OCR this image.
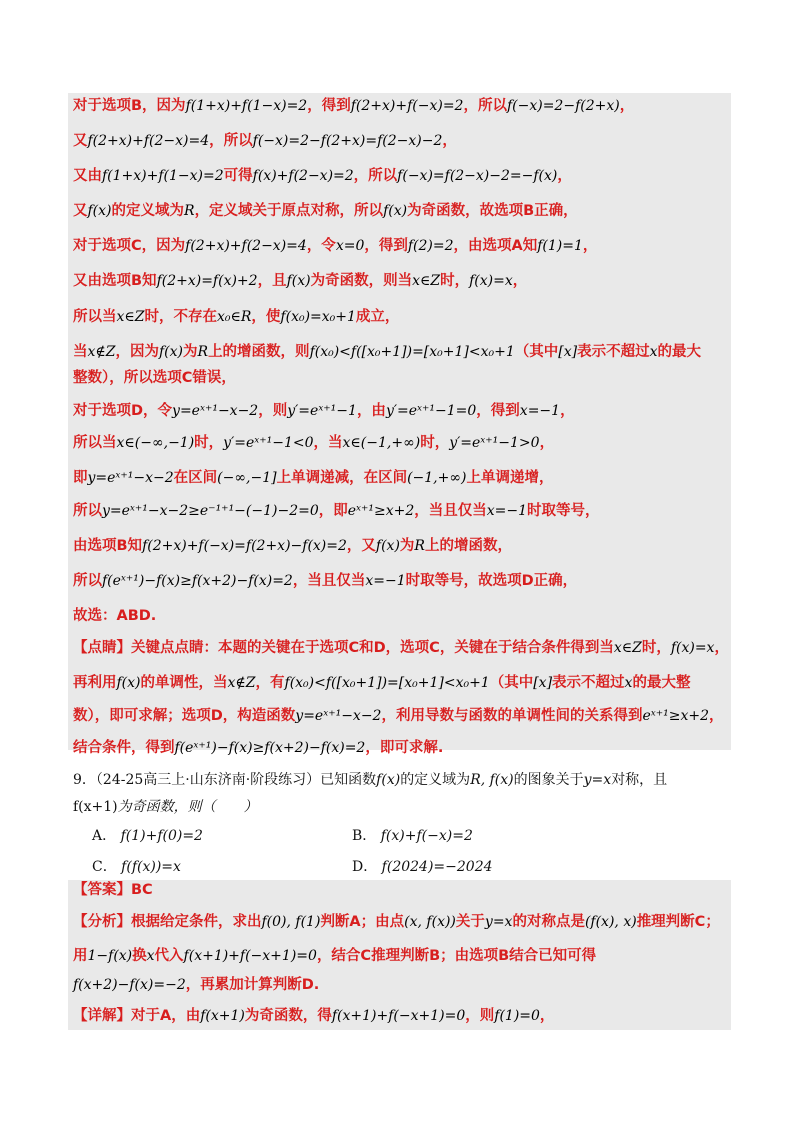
对于选项B，因为f(1+x)+f(1−x)=2，得到f(2+x)+f(−x)=2，所以f(−x)=2−f(2+x)，
又f(2+x)+f(2−x)=4，所以f(−x)=2−f(2+x)=f(2−x)−2，
又由f(1+x)+f(1−x)=2可得f(x)+f(2−x)=2，所以f(−x)=f(2−x)−2=−f(x)，
又f(x)的定义域为R，定义域关于原点对称，所以f(x)为奇函数，故选项B正确，
对于选项C，因为f(2+x)+f(2−x)=4，令x=0，得到f(2)=2，由选项A知f(1)=1，
又由选项B知f(2+x)=f(x)+2，且f(x)为奇函数，则当x∈Z时，f(x)=x，
所以当x∈Z时，不存在x₀∈R，使f(x₀)=x₀+1成立，
当x∉Z，因为f(x)为R上的增函数，则f(x₀)<f([x₀+1])=[x₀+1]<x₀+1（其中[x]表示不超过x的最大
整数），所以选项C错误，
对于选项D，令y=eˣ⁺¹−x−2，则y′=eˣ⁺¹−1，由y′=eˣ⁺¹−1=0，得到x=−1，
所以当x∈(−∞,−1)时，y′=eˣ⁺¹−1<0，当x∈(−1,+∞)时，y′=eˣ⁺¹−1>0，
即y=eˣ⁺¹−x−2在区间(−∞,−1]上单调递减，在区间(−1,+∞)上单调递增，
所以y=eˣ⁺¹−x−2≥e⁻¹⁺¹−(−1)−2=0，即eˣ⁺¹≥x+2，当且仅当x=−1时取等号，
由选项B知f(2+x)+f(−x)=f(2+x)−f(x)=2，又f(x)为R上的增函数，
所以f(eˣ⁺¹)−f(x)≥f(x+2)−f(x)=2，当且仅当x=−1时取等号，故选项D正确，
故选：ABD.
【点睛】关键点点睛：本题的关键在于选项C和D，选项C，关键在于结合条件得到当x∈Z时，f(x)=x，
再利用f(x)的单调性，当x∉Z，有f(x₀)<f([x₀+1])=[x₀+1]<x₀+1（其中[x]表示不超过x的最大整
数），即可求解；选项D，构造函数y=eˣ⁺¹−x−2，利用导数与函数的单调性间的关系得到eˣ⁺¹≥x+2，
结合条件，得到f(eˣ⁺¹)−f(x)≥f(x+2)−f(x)=2，即可求解.
9．（24-25高三上·山东济南·阶段练习）已知函数f(x)的定义域为R, f(x)的图象关于y=x对称，且
f(x+1)为奇函数，则（　　）
A． f(1)+f(0)=2	B． f(x)+f(−x)=2
C． f(f(x))=x	D． f(2024)=−2024
【答案】BC
【分析】根据给定条件，求出f(0), f(1)判断A；由点(x, f(x))关于y=x的对称点是(f(x), x)推理判断C；
用1−f(x)换x代入f(x+1)+f(−x+1)=0，结合C推理判断B；由选项B结合已知可得
f(x+2)−f(x)=−2，再累加计算判断D.
【详解】对于A，由f(x+1)为奇函数，得f(x+1)+f(−x+1)=0，则f(1)=0，
